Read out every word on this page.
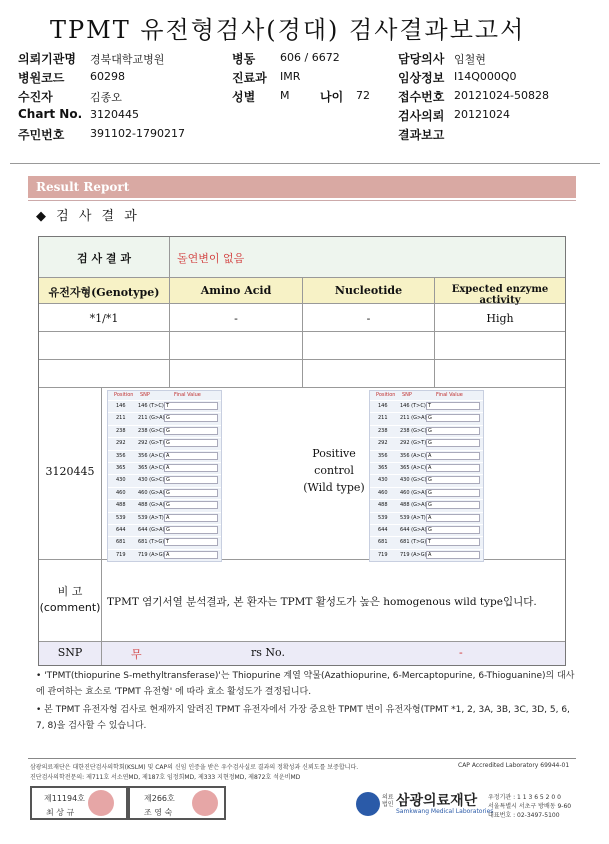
TPMT 유전형검사(경대) 검사결과보고서
의뢰기관명 경북대학교병원
병원코드 60298
수진자	김종오
Chart No. 3120445
주민번호 391102-1790217
병동 606 / 6672
진료과 IMR
성별 M	나이 72
담당의사 임철현
임상정보 I14Q000Q0
접수번호 20121024-50828
검사의뢰 20121024
결과보고
Result Report
◆ 검 사 결 과
검 사 결 과	돌연변이 없음
유전자형(Genotype)	Amino Acid	Nucleotide	Expected enzyme activity
*1/*1	-	-	High
3120445
Position SNP	Final Value
146 146 (T>C) T
211 211 (G>A) G
238 238 (G>C) G
292 292 (G>T) G
356 356 (A>C) A
365 365 (A>C) A
430 430 (G>C) G
460 460 (G>A) G
488 488 (G>A) G
539 539 (A>T) A
644 644 (G>A) G
681 681 (T>G) T
719 719 (A>G) A
Positive
control
(Wild type)
Position SNP	Final Value
146 146 (T>C) T
211 211 (G>A) G
238 238 (G>C) G
292 292 (G>T) G
356 356 (A>C) A
365 365 (A>C) A
430 430 (G>C) G
460 460 (G>A) G
488 488 (G>A) G
539 539 (A>T) A
644 644 (G>A) G
681 681 (T>G) T
719 719 (A>G) A
비 고
(comment) TPMT 염기서열 분석결과, 본 환자는 TPMT 활성도가 높은 homogenous wild type입니다.
SNP	무	rs No.	-

• 'TPMT(thiopurine S-methyltransferase)'는 Thiopurine 계열 약물(Azathiopurine, 6-Mercaptopurine, 6-Thioguanine)의 대사에 관여하는 효소로 'TPMT 유전형' 에 따라 효소 활성도가 결정됩니다.

• 본 TPMT 유전자형 검사로 현재까지 알려진 TPMT 유전자에서 가장 중요한 TPMT 변이 유전자형(TPMT *1, 2, 3A, 3B, 3C, 3D, 5, 6, 7, 8)을 검사할 수 있습니다.

삼광의료재단은 대한진단검사의학회(KSLM) 및 CAP의 신임 인증을 받은 우수검사실로 결과의 정확성과 신뢰도를 보증합니다.
진단검사의학전문의: 제711호 서소연MD, 제187호 임정희MD, 제333 지현정MD, 제872호 석운비MD
CAP Accredited Laboratory 69944-01
제11194호
최 상 규
제266호
조 영 숙
의료 법인 삼광의료재단
Samkwang Medical Laboratories
우정기관 : 1 1 3 6 5 2 0 0
서울특별시 서초구 방배동 9-60
대표번호 : 02-3497-5100
